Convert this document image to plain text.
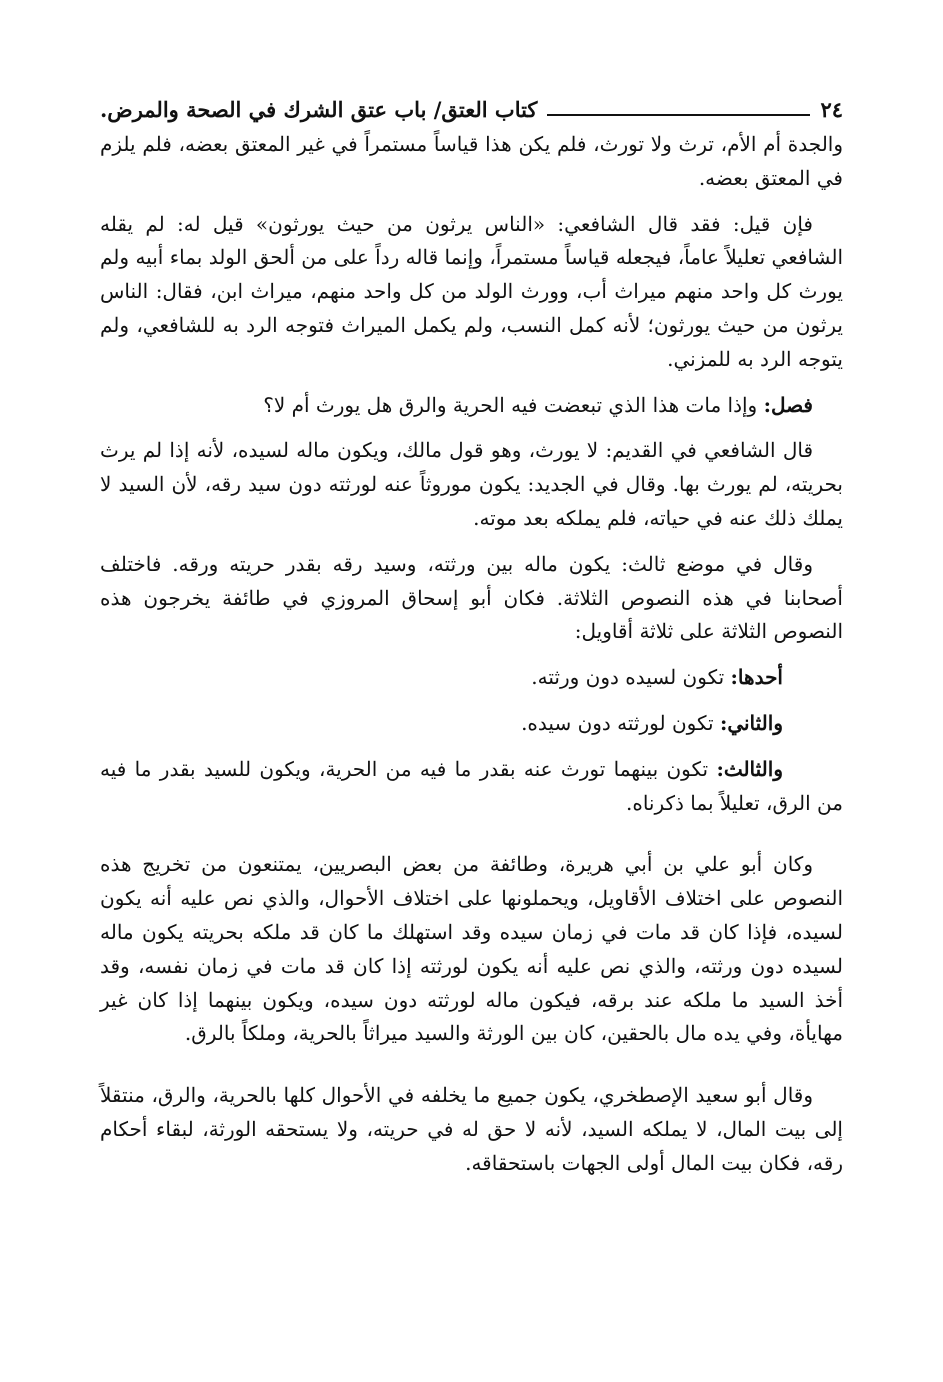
٢٤
كتاب العتق/ باب عتق الشرك في الصحة والمرض.

والجدة أم الأم، ترث ولا تورث، فلم يكن هذا قياساً مستمراً في غير المعتق بعضه، فلم يلزم في المعتق بعضه.

فإن قيل: فقد قال الشافعي: «الناس يرثون من حيث يورثون» قيل له: لم يقله الشافعي تعليلاً عاماً، فيجعله قياساً مستمراً، وإنما قاله رداً على من ألحق الولد بماء أبيه ولم يورث كل واحد منهم ميراث أب، وورث الولد من كل واحد منهم، ميراث ابن، فقال: الناس يرثون من حيث يورثون؛ لأنه كمل النسب، ولم يكمل الميراث فتوجه الرد به للشافعي، ولم يتوجه الرد به للمزني.

فصل: وإذا مات هذا الذي تبعضت فيه الحرية والرق هل يورث أم لا؟

قال الشافعي في القديم: لا يورث، وهو قول مالك، ويكون ماله لسيده، لأنه إذا لم يرث بحريته، لم يورث بها. وقال في الجديد: يكون موروثاً عنه لورثته دون سيد رقه، لأن السيد لا يملك ذلك عنه في حياته، فلم يملكه بعد موته.

وقال في موضع ثالث: يكون ماله بين ورثته، وسيد رقه بقدر حريته ورقه. فاختلف أصحابنا في هذه النصوص الثلاثة. فكان أبو إسحاق المروزي في طائفة يخرجون هذه النصوص الثلاثة على ثلاثة أقاويل:

أحدها: تكون لسيده دون ورثته.

والثاني: تكون لورثته دون سيده.

والثالث: تكون بينهما تورث عنه بقدر ما فيه من الحرية، ويكون للسيد بقدر ما فيه من الرق، تعليلاً بما ذكرناه.

وكان أبو علي بن أبي هريرة، وطائفة من بعض البصريين، يمتنعون من تخريج هذه النصوص على اختلاف الأقاويل، ويحملونها على اختلاف الأحوال، والذي نص عليه أنه يكون لسيده، فإذا كان قد مات في زمان سيده وقد استهلك ما كان قد ملكه بحريته يكون ماله لسيده دون ورثته، والذي نص عليه أنه يكون لورثته إذا كان قد مات في زمان نفسه، وقد أخذ السيد ما ملكه عند برقه، فيكون ماله لورثته دون سيده، ويكون بينهما إذا كان غير مهايأة، وفي يده مال بالحقين، كان بين الورثة والسيد ميراثاً بالحرية، وملكاً بالرق.

وقال أبو سعيد الإصطخري، يكون جميع ما يخلفه في الأحوال كلها بالحرية، والرق، منتقلاً إلى بيت المال، لا يملكه السيد، لأنه لا حق له في حريته، ولا يستحقه الورثة، لبقاء أحكام رقه، فكان بيت المال أولى الجهات باستحقاقه.
